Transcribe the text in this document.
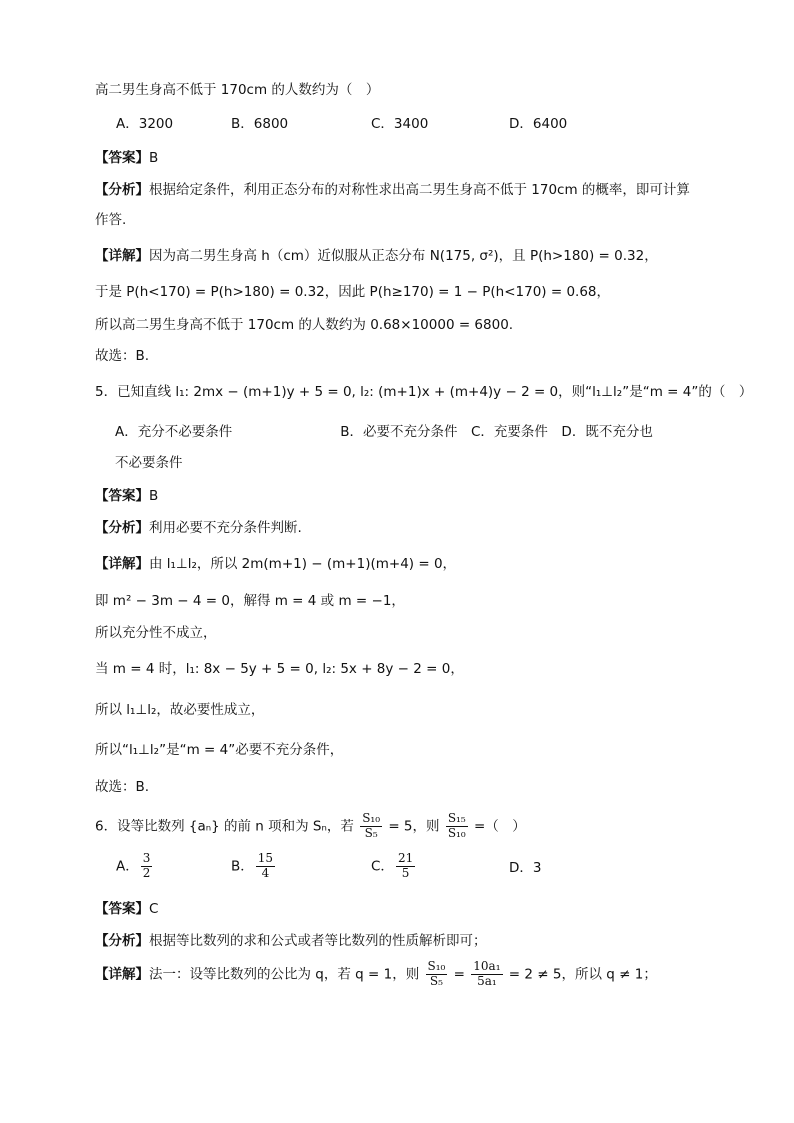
高二男生身高不低于 170cm 的人数约为（　）
A．3200	B．6800	C．3400	D．6400
【答案】B
【分析】根据给定条件，利用正态分布的对称性求出高二男生身高不低于 170cm 的概率，即可计算
作答.
【详解】因为高二男生身高 h（cm）近似服从正态分布 N(175, σ²)，且 P(h>180) = 0.32，
于是 P(h<170) = P(h>180) = 0.32，因此 P(h≥170) = 1 − P(h<170) = 0.68，
所以高二男生身高不低于 170cm 的人数约为 0.68×10000 = 6800.
故选：B.
5．已知直线 l₁: 2mx − (m+1)y + 5 = 0, l₂: (m+1)x + (m+4)y − 2 = 0，则“l₁⊥l₂”是“m = 4”的（　）
A．充分不必要条件　　　　　　　　B．必要不充分条件　C．充要条件　D．既不充分也
不必要条件
【答案】B
【分析】利用必要不充分条件判断.
【详解】由 l₁⊥l₂，所以 2m(m+1) − (m+1)(m+4) = 0，
即 m² − 3m − 4 = 0，解得 m = 4 或 m = −1，
所以充分性不成立，
当 m = 4 时，l₁: 8x − 5y + 5 = 0, l₂: 5x + 8y − 2 = 0，
所以 l₁⊥l₂，故必要性成立，
所以“l₁⊥l₂”是“m = 4”必要不充分条件，
故选：B.
6．设等比数列 {aₙ} 的前 n 项和为 Sₙ，若 $\frac{\text{S₁₀}}{\text{S₅}} = 5$，则 $\frac{\text{S₁₅}}{\text{S₁₀}}$ =（　）
A． $\frac{3}{2}$	B． $\frac{15}{4}$	C． $\frac{21}{5}$	D．3
【答案】C
【分析】根据等比数列的求和公式或者等比数列的性质解析即可；
【详解】法一：设等比数列的公比为 q，若 q = 1，则 $\frac{\text{S₁₀}}{\text{S₅}} = \frac{\text{10a₁}}{\text{5a₁}} = 2 \ne 5$，所以 q ≠ 1；
